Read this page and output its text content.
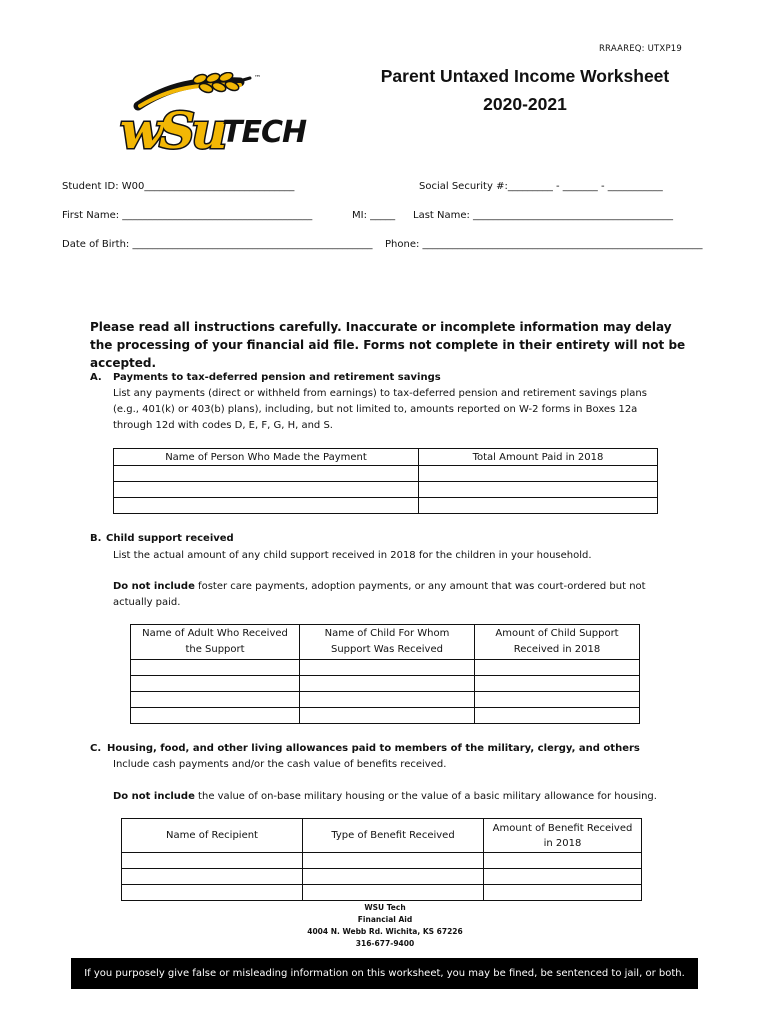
RRAAREQ: UTXP19
™
wSu
TECH
Parent Untaxed Income Worksheet
2020-2021
Student ID: W00______________________________	Social Security #:_________ - _______ - ___________
First Name: ______________________________________	MI: _____ Last Name: ________________________________________
Date of Birth: ________________________________________________ Phone: ________________________________________________________
Please read all instructions carefully. Inaccurate or incomplete information may delay the processing of your financial aid file. Forms not complete in their entirety will not be accepted.
A. Payments to tax-deferred pension and retirement savings
List any payments (direct or withheld from earnings) to tax-deferred pension and retirement savings plans (e.g., 401(k) or 403(b) plans), including, but not limited to, amounts reported on W-2 forms in Boxes 12a through 12d with codes D, E, F, G, H, and S.
Name of Person Who Made the Payment	Total Amount Paid in 2018

B. Child support received
List the actual amount of any child support received in 2018 for the children in your household.
Do not include foster care payments, adoption payments, or any amount that was court-ordered but not actually paid.
Name of Adult Who Received the Support	Name of Child For Whom Support Was Received	Amount of Child Support Received in 2018

C. Housing, food, and other living allowances paid to members of the military, clergy, and others
Include cash payments and/or the cash value of benefits received.
Do not include the value of on-base military housing or the value of a basic military allowance for housing.
Name of Recipient	Type of Benefit Received	Amount of Benefit Received in 2018

WSU Tech
Financial Aid
4004 N. Webb Rd. Wichita, KS 67226
316-677-9400
If you purposely give false or misleading information on this worksheet, you may be fined, be sentenced to jail, or both.
